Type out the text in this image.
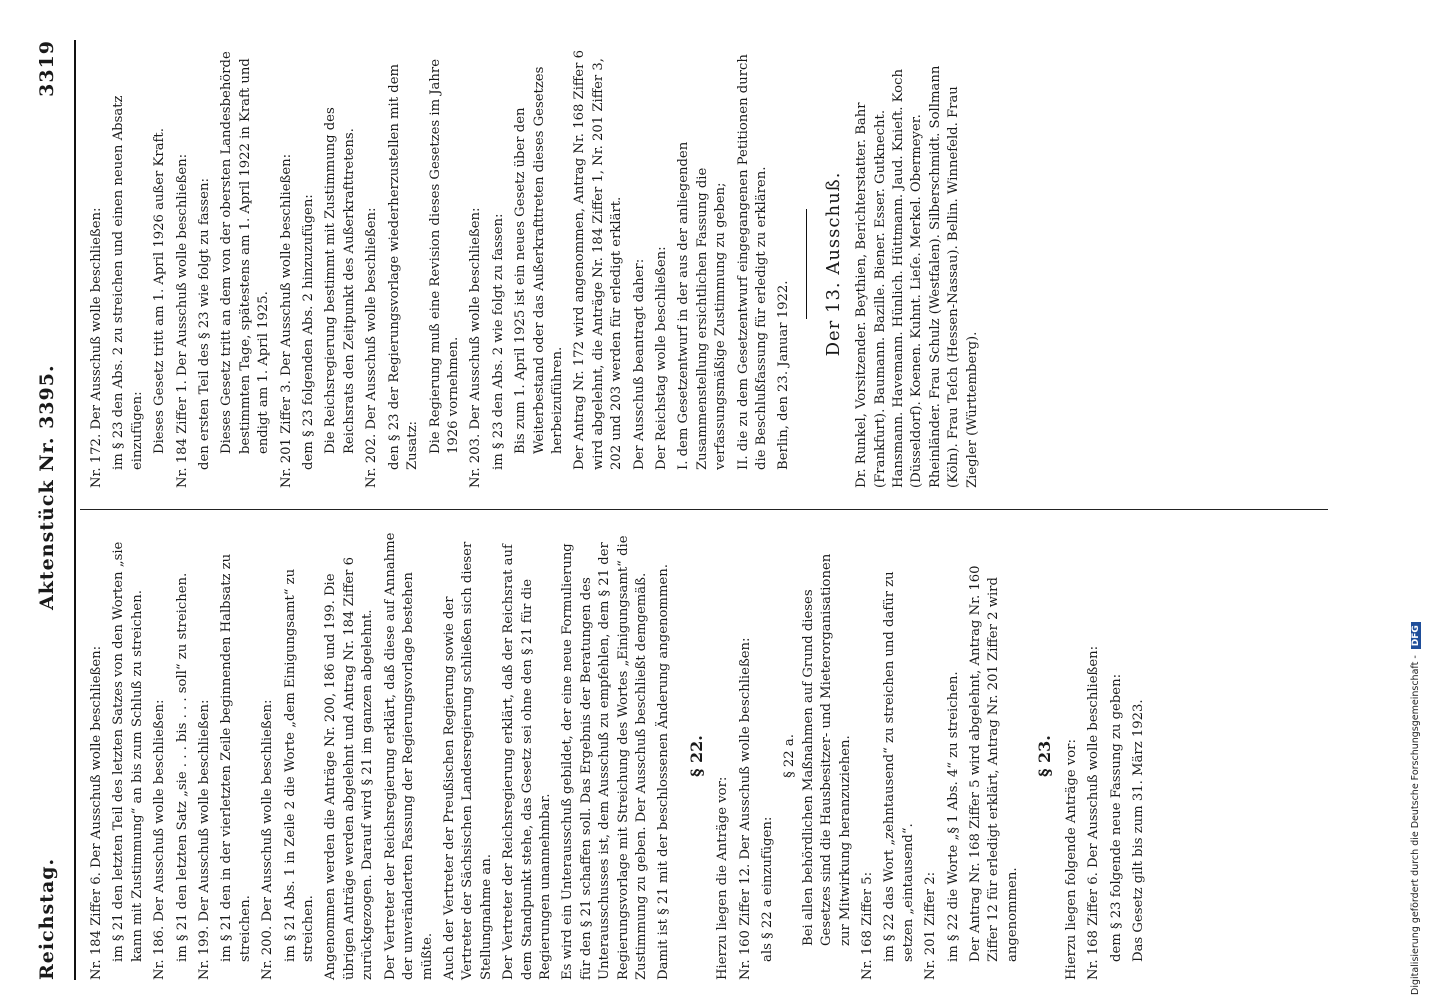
Reichstag.
Aktenstück Nr. 3395.
3319
Nr. 184 Ziffer 6. Der Ausschuß wolle beschließen: im § 21 den letzten Teil des letzten Satzes von den Worten „sie kann mit Zustimmung“ an bis zum Schluß zu streichen. Nr. 186. Der Ausschuß wolle beschließen: im § 21 den letzten Satz „sie . . . bis . . . soll“ zu streichen. Nr. 199. Der Ausschuß wolle beschließen: im § 21 den in der vierletzten Zeile beginnenden Halbsatz zu streichen. Nr. 200. Der Ausschuß wolle beschließen: im § 21 Abs. 1 in Zeile 2 die Worte „dem Einigungsamt“ zu streichen. Angenommen werden die Anträge Nr. 200, 186 und 199. Die übrigen Anträge werden abgelehnt und Antrag Nr. 184 Ziffer 6 zurückgezogen. Darauf wird § 21 im ganzen abgelehnt. Der Vertreter der Reichsregierung erklärt, daß diese auf Annahme der unveränderten Fassung der Regierungsvorlage bestehen müßte. Auch der Vertreter der Preußischen Regierung sowie der Vertreter der Sächsischen Landesregierung schließen sich dieser Stellungnahme an. Der Vertreter der Reichsregierung erklärt, daß der Reichsrat auf dem Standpunkt stehe, das Gesetz sei ohne den § 21 für die Regierungen unannehmbar. Es wird ein Unterausschuß gebildet, der eine neue Formulierung für den § 21 schaffen soll. Das Ergebnis der Beratungen des Unterausschusses ist, dem Ausschuß zu empfehlen, dem § 21 der Regierungsvorlage mit Streichung des Wortes „Einigungsamt“ die Zustimmung zu geben. Der Ausschuß beschließt demgemäß. Damit ist § 21 mit der beschlossenen Änderung angenommen. § 22.
Hierzu liegen die Anträge vor: Nr. 160 Ziffer 12. Der Ausschuß wolle beschließen: als § 22 a einzufügen:
§ 22 a. Bei allen behördlichen Maßnahmen auf Grund dieses Gesetzes sind die Hausbesitzer- und Mieterorganisationen zur Mitwirkung heranzuziehen. Nr. 168 Ziffer 5: im § 22 das Wort „zehntausend“ zu streichen und dafür zu setzen „eintausend“. Nr. 201 Ziffer 2: im § 22 die Worte „§ 1 Abs. 4“ zu streichen. Der Antrag Nr. 168 Ziffer 5 wird abgelehnt, Antrag Nr. 160 Ziffer 12 für erledigt erklärt, Antrag Nr. 201 Ziffer 2 wird angenommen.
§ 23. Hierzu liegen folgende Anträge vor: Nr. 168 Ziffer 6. Der Ausschuß wolle beschließen: dem § 23 folgende neue Fassung zu geben: Das Gesetz gilt bis zum 31. März 1923.
Nr. 172. Der Ausschuß wolle beschließen: im § 23 den Abs. 2 zu streichen und einen neuen Absatz einzufügen: Dieses Gesetz tritt am 1. April 1926 außer Kraft. Nr. 184 Ziffer 1. Der Ausschuß wolle beschließen: den ersten Teil des § 23 wie folgt zu fassen: Dieses Gesetz tritt an dem von der obersten Landesbehörde bestimmten Tage, spätestens am 1. April 1922 in Kraft und endigt am 1. April 1925. Nr. 201 Ziffer 3. Der Ausschuß wolle beschließen: dem § 23 folgenden Abs. 2 hinzuzufügen: Die Reichsregierung bestimmt mit Zustimmung des Reichsrats den Zeitpunkt des Außerkrafttretens. Nr. 202. Der Ausschuß wolle beschließen: den § 23 der Regierungsvorlage wiederherzustellen mit dem Zusatz: Die Regierung muß eine Revision dieses Gesetzes im Jahre 1926 vornehmen. Nr. 203. Der Ausschuß wolle beschließen: im § 23 den Abs. 2 wie folgt zu fassen: Bis zum 1. April 1925 ist ein neues Gesetz über den Weiterbestand oder das Außerkrafttreten dieses Gesetzes herbeizuführen. Der Antrag Nr. 172 wird angenommen, Antrag Nr. 168 Ziffer 6 wird abgelehnt, die Anträge Nr. 184 Ziffer 1, Nr. 201 Ziffer 3, 202 und 203 werden für erledigt erklärt. Der Ausschuß beantragt daher: Der Reichstag wolle beschließen: I. dem Gesetzentwurf in der aus der anliegenden Zusammenstellung ersichtlichen Fassung die verfassungsmäßige Zustimmung zu geben; II. die zu dem Gesetzentwurf eingegangenen Petitionen durch die Beschlußfassung für erledigt zu erklären. Berlin, den 23. Januar 1922.
Der 13. Ausschuß. Dr. Runkel, Vorsitzender. Beythien, Berichterstatter. Bahr (Frankfurt). Baumann. Bazille. Biener. Esser. Gutknecht. Hansmann. Havemann. Hünlich. Hüttmann. Jaud. Knieſt. Koch (Düsseldorf). Koenen. Kuhnt. Lieſe. Merkel. Obermeyer. Rheinländer. Frau Schulz (Westfalen). Silberschmidt. Sollmann (Köln). Frau Teſch (Hessen-Nassau). Bellin. Winnefeld. Frau Ziegler (Württemberg).
Digitalisierung gefördert durch die Deutsche Forschungsgemeinschaft -DFG
